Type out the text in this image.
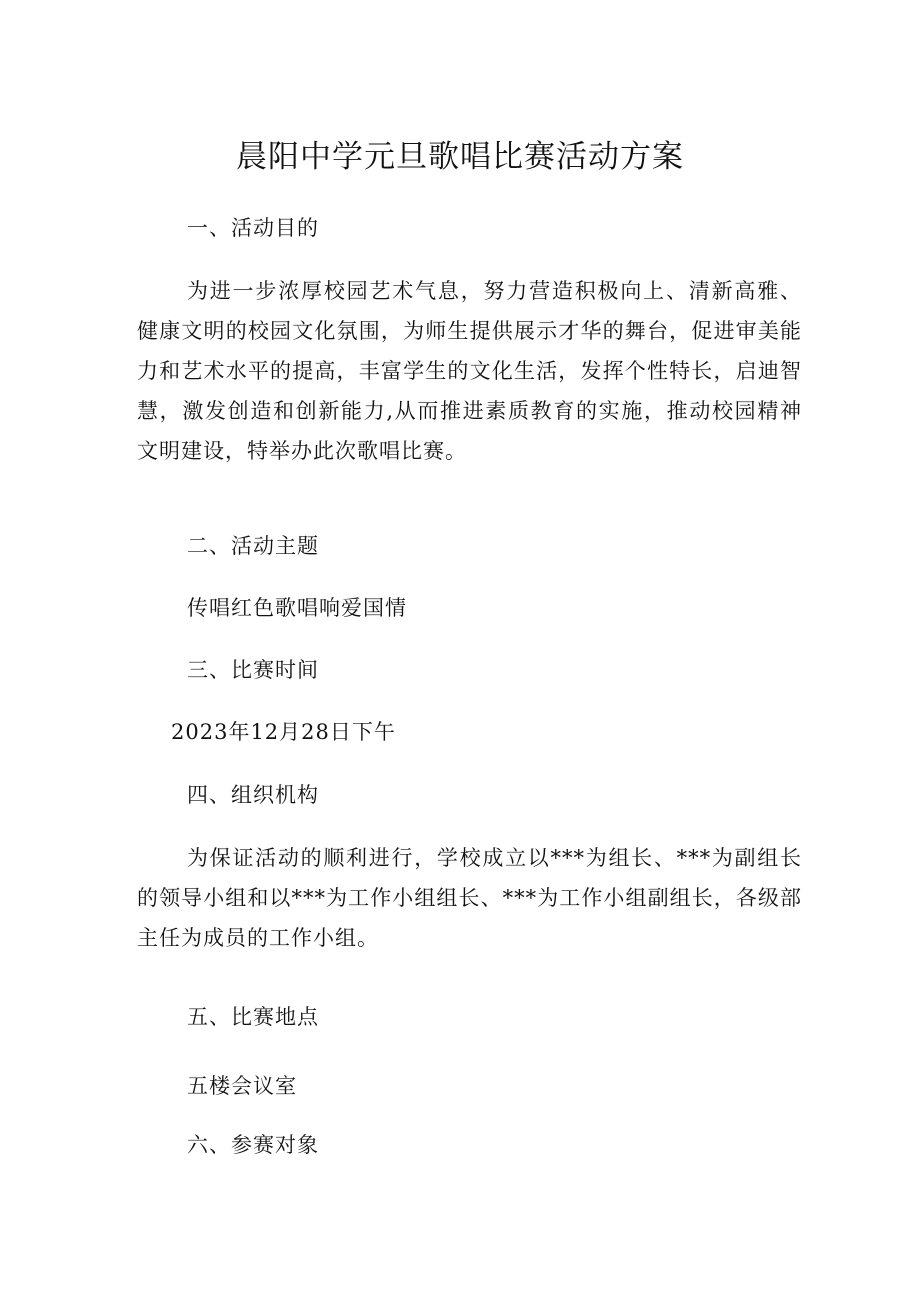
晨阳中学元旦歌唱比赛活动方案
一、活动目的

为进一步浓厚校园艺术气息，努力营造积极向上、清新高雅、健康文明的校园文化氛围，为师生提供展示才华的舞台，促进审美能力和艺术水平的提高，丰富学生的文化生活，发挥个性特长，启迪智慧，激发创造和创新能力,从而推进素质教育的实施，推动校园精神文明建设，特举办此次歌唱比赛。

二、活动主题
传唱红色歌唱响爱国情
三、比赛时间
2023年12月28日下午
四、组织机构

为保证活动的顺利进行，学校成立以***为组长、***为副组长的领导小组和以***为工作小组组长、***为工作小组副组长，各级部主任为成员的工作小组。

五、比赛地点
五楼会议室
六、参赛对象
